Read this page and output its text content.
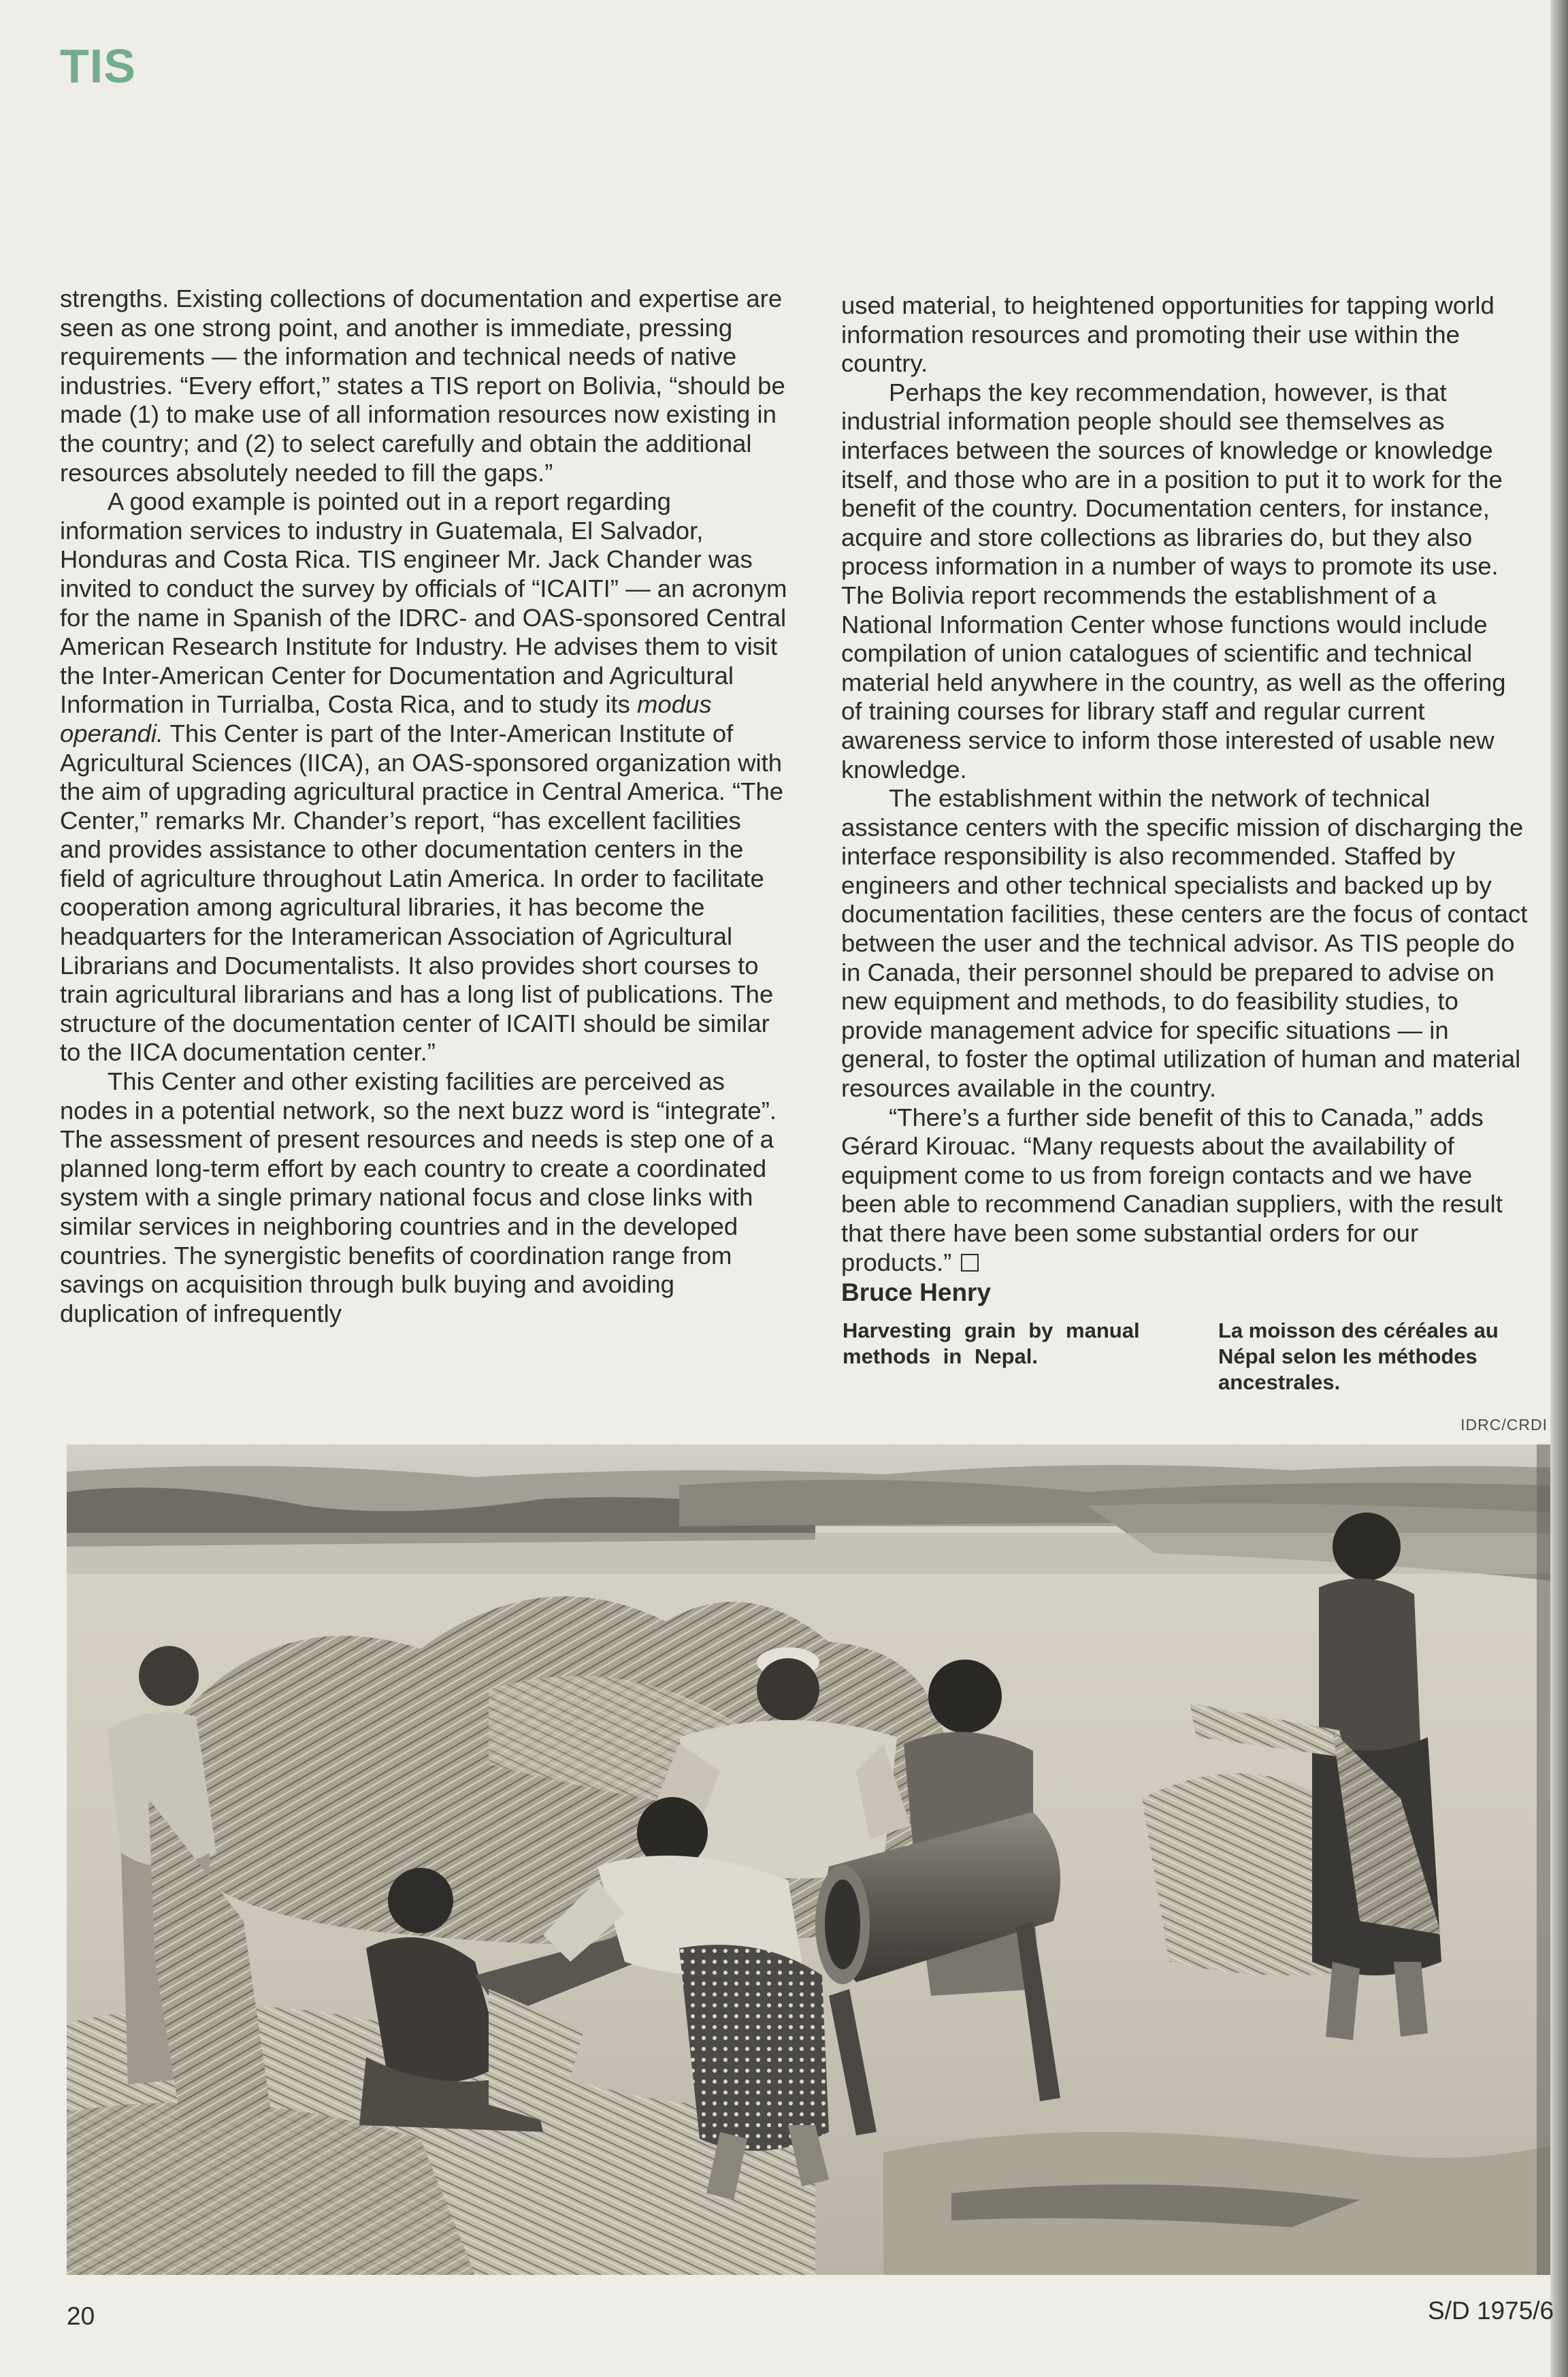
TIS

strengths. Existing collections of documentation and expertise are seen as one strong point, and another is immediate, pressing requirements — the information and technical needs of native industries. “Every effort,” states a TIS report on Bolivia, “should be made (1) to make use of all information resources now existing in the country; and (2) to select carefully and obtain the additional resources absolutely needed to fill the gaps.”

A good example is pointed out in a report regarding information services to industry in Guatemala, El Salvador, Honduras and Costa Rica. TIS engineer Mr. Jack Chander was invited to conduct the survey by officials of “ICAITI” — an acronym for the name in Spanish of the IDRC- and OAS-sponsored Central American Research Institute for Industry. He advises them to visit the Inter-American Center for Documentation and Agricultural Information in Turrialba, Costa Rica, and to study its modus operandi. This Center is part of the Inter-American Institute of Agricultural Sciences (IICA), an OAS-sponsored organization with the aim of upgrading agricultural practice in Central America. “The Center,” remarks Mr. Chander’s report, “has excellent facilities and provides assistance to other documentation centers in the field of agriculture throughout Latin America. In order to facilitate cooperation among agricultural libraries, it has become the headquarters for the Interamerican Association of Agricultural Librarians and Documentalists. It also provides short courses to train agricultural librarians and has a long list of publications. The structure of the documentation center of ICAITI should be similar to the IICA documentation center.”

This Center and other existing facilities are perceived as nodes in a potential network, so the next buzz word is “integrate”. The assessment of present resources and needs is step one of a planned long-term effort by each country to create a coordinated system with a single primary national focus and close links with similar services in neighboring countries and in the developed countries. The synergistic benefits of coordination range from savings on acquisition through bulk buying and avoiding duplication of infrequently

used material, to heightened opportunities for tapping world information resources and promoting their use within the country.

Perhaps the key recommendation, however, is that industrial information people should see themselves as interfaces between the sources of knowledge or knowledge itself, and those who are in a position to put it to work for the benefit of the country. Documentation centers, for instance, acquire and store collections as libraries do, but they also process information in a number of ways to promote its use. The Bolivia report recommends the establishment of a National Information Center whose functions would include compilation of union catalogues of scientific and technical material held anywhere in the country, as well as the offering of training courses for library staff and regular current awareness service to inform those interested of usable new knowledge.

The establishment within the network of technical assistance centers with the specific mission of discharging the interface responsibility is also recommended. Staffed by engineers and other technical specialists and backed up by documentation facilities, these centers are the focus of contact between the user and the technical advisor. As TIS people do in Canada, their personnel should be prepared to advise on new equipment and methods, to do feasibility studies, to provide management advice for specific situations — in general, to foster the optimal utilization of human and material resources available in the country.

“There’s a further side benefit of this to Canada,” adds Gérard Kirouac. “Many requests about the availability of equipment come to us from foreign contacts and we have been able to recommend Canadian suppliers, with the result that there have been some substantial orders for our products.”

Bruce Henry

Harvesting grain by manual methods in Nepal.
La moisson des céréales au Népal selon les méthodes ancestrales.
IDRC/CRDI
20	S/D 1975/6
